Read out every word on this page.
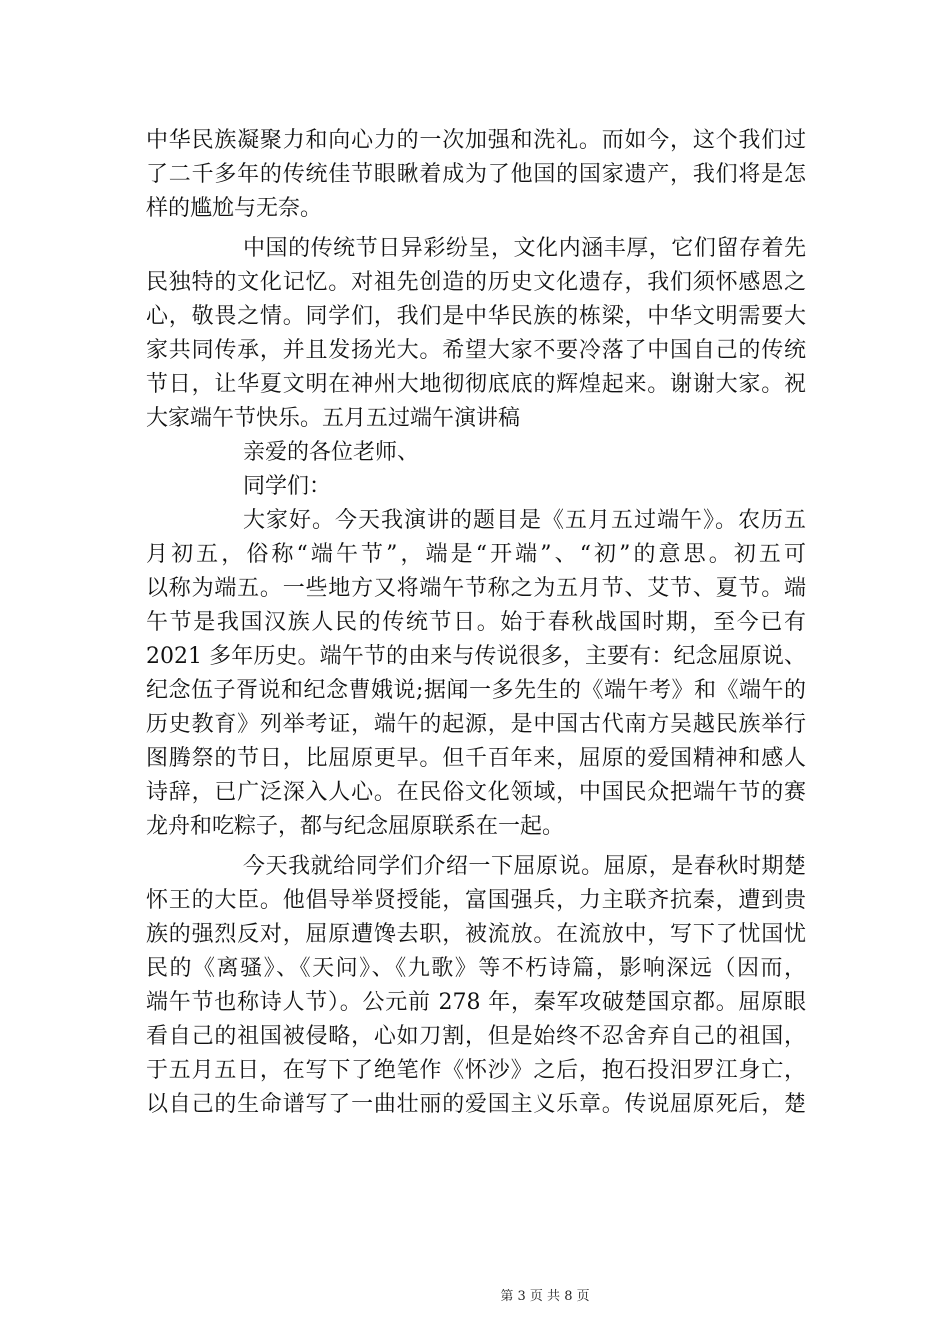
中华民族凝聚力和向心力的一次加强和洗礼。而如今，这个我们过
了二千多年的传统佳节眼瞅着成为了他国的国家遗产，我们将是怎
样的尴尬与无奈。
中国的传统节日异彩纷呈，文化内涵丰厚，它们留存着先
民独特的文化记忆。对祖先创造的历史文化遗存，我们须怀感恩之
心，敬畏之情。同学们，我们是中华民族的栋梁，中华文明需要大
家共同传承，并且发扬光大。希望大家不要冷落了中国自己的传统
节日，让华夏文明在神州大地彻彻底底的辉煌起来。谢谢大家。祝
大家端午节快乐。五月五过端午演讲稿
亲爱的各位老师、
同学们：
大家好。今天我演讲的题目是《五月五过端午》。农历五
月初五，俗称“端午节”，端是“开端”、“初”的意思。初五可
以称为端五。一些地方又将端午节称之为五月节、艾节、夏节。端
午节是我国汉族人民的传统节日。始于春秋战国时期，至今已有
2021 多年历史。端午节的由来与传说很多，主要有：纪念屈原说、
纪念伍子胥说和纪念曹娥说;据闻一多先生的《端午考》和《端午的
历史教育》列举考证，端午的起源，是中国古代南方吴越民族举行
图腾祭的节日，比屈原更早。但千百年来，屈原的爱国精神和感人
诗辞，已广泛深入人心。在民俗文化领域，中国民众把端午节的赛
龙舟和吃粽子，都与纪念屈原联系在一起。
今天我就给同学们介绍一下屈原说。屈原，是春秋时期楚
怀王的大臣。他倡导举贤授能，富国强兵，力主联齐抗秦，遭到贵
族的强烈反对，屈原遭馋去职，被流放。在流放中，写下了忧国忧
民的《离骚》、《天问》、《九歌》等不朽诗篇，影响深远（因而，
端午节也称诗人节）。公元前 278 年，秦军攻破楚国京都。屈原眼
看自己的祖国被侵略，心如刀割，但是始终不忍舍弃自己的祖国，
于五月五日，在写下了绝笔作《怀沙》之后，抱石投汨罗江身亡，
以自己的生命谱写了一曲壮丽的爱国主义乐章。传说屈原死后，楚
第 3 页 共 8 页
